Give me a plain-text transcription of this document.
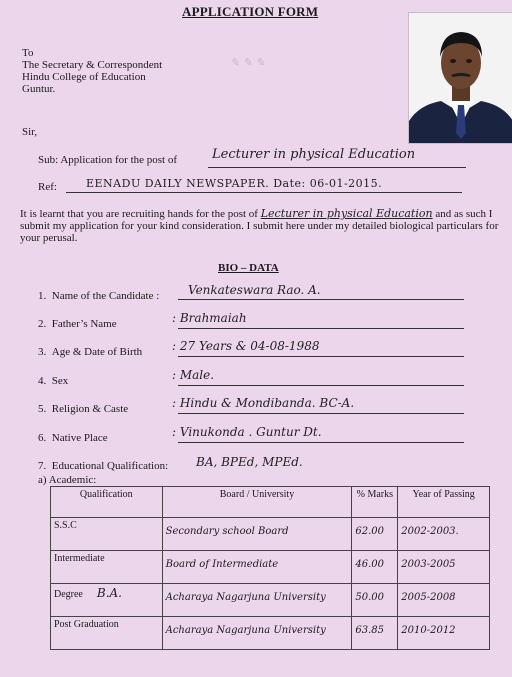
APPLICATION FORM
To
The Secretary & Correspondent
Hindu College of Education
Guntur.
✎ ✎ ✎
Sir,
Sub: Application for the post of	Lecturer in physical Education
Ref:	EENADU DAILY NEWSPAPER. Date: 06-01-2015.
It is learnt that you are recruiting hands for the post of Lecturer in physical Education and as such I submit my application for your kind consideration. I submit here under my detailed biological particulars for your perusal.
BIO – DATA
1. Name of the Candidate : Venkateswara Rao. A.
2. Father’s Name	: Brahmaiah
3. Age & Date of Birth : 27 Years & 04-08-1988
4. Sex	: Male.
5. Religion & Caste	: Hindu & Mondibanda. BC-A.
6. Native Place	: Vinukonda . Guntur Dt.
7. Educational Qualification: BA, BPEd, MPEd.
a) Academic:
Qualification	Board / University	% Marks	Year of Passing
S.S.C	Secondary school Board	62.00	2002-2003.

Intermediate	Board of Intermediate	46.00	2003-2005

Degree B.A.	Acharaya Nagarjuna University	50.00	2005-2008

Post Graduation	Acharaya Nagarjuna University	63.85	2010-2012
